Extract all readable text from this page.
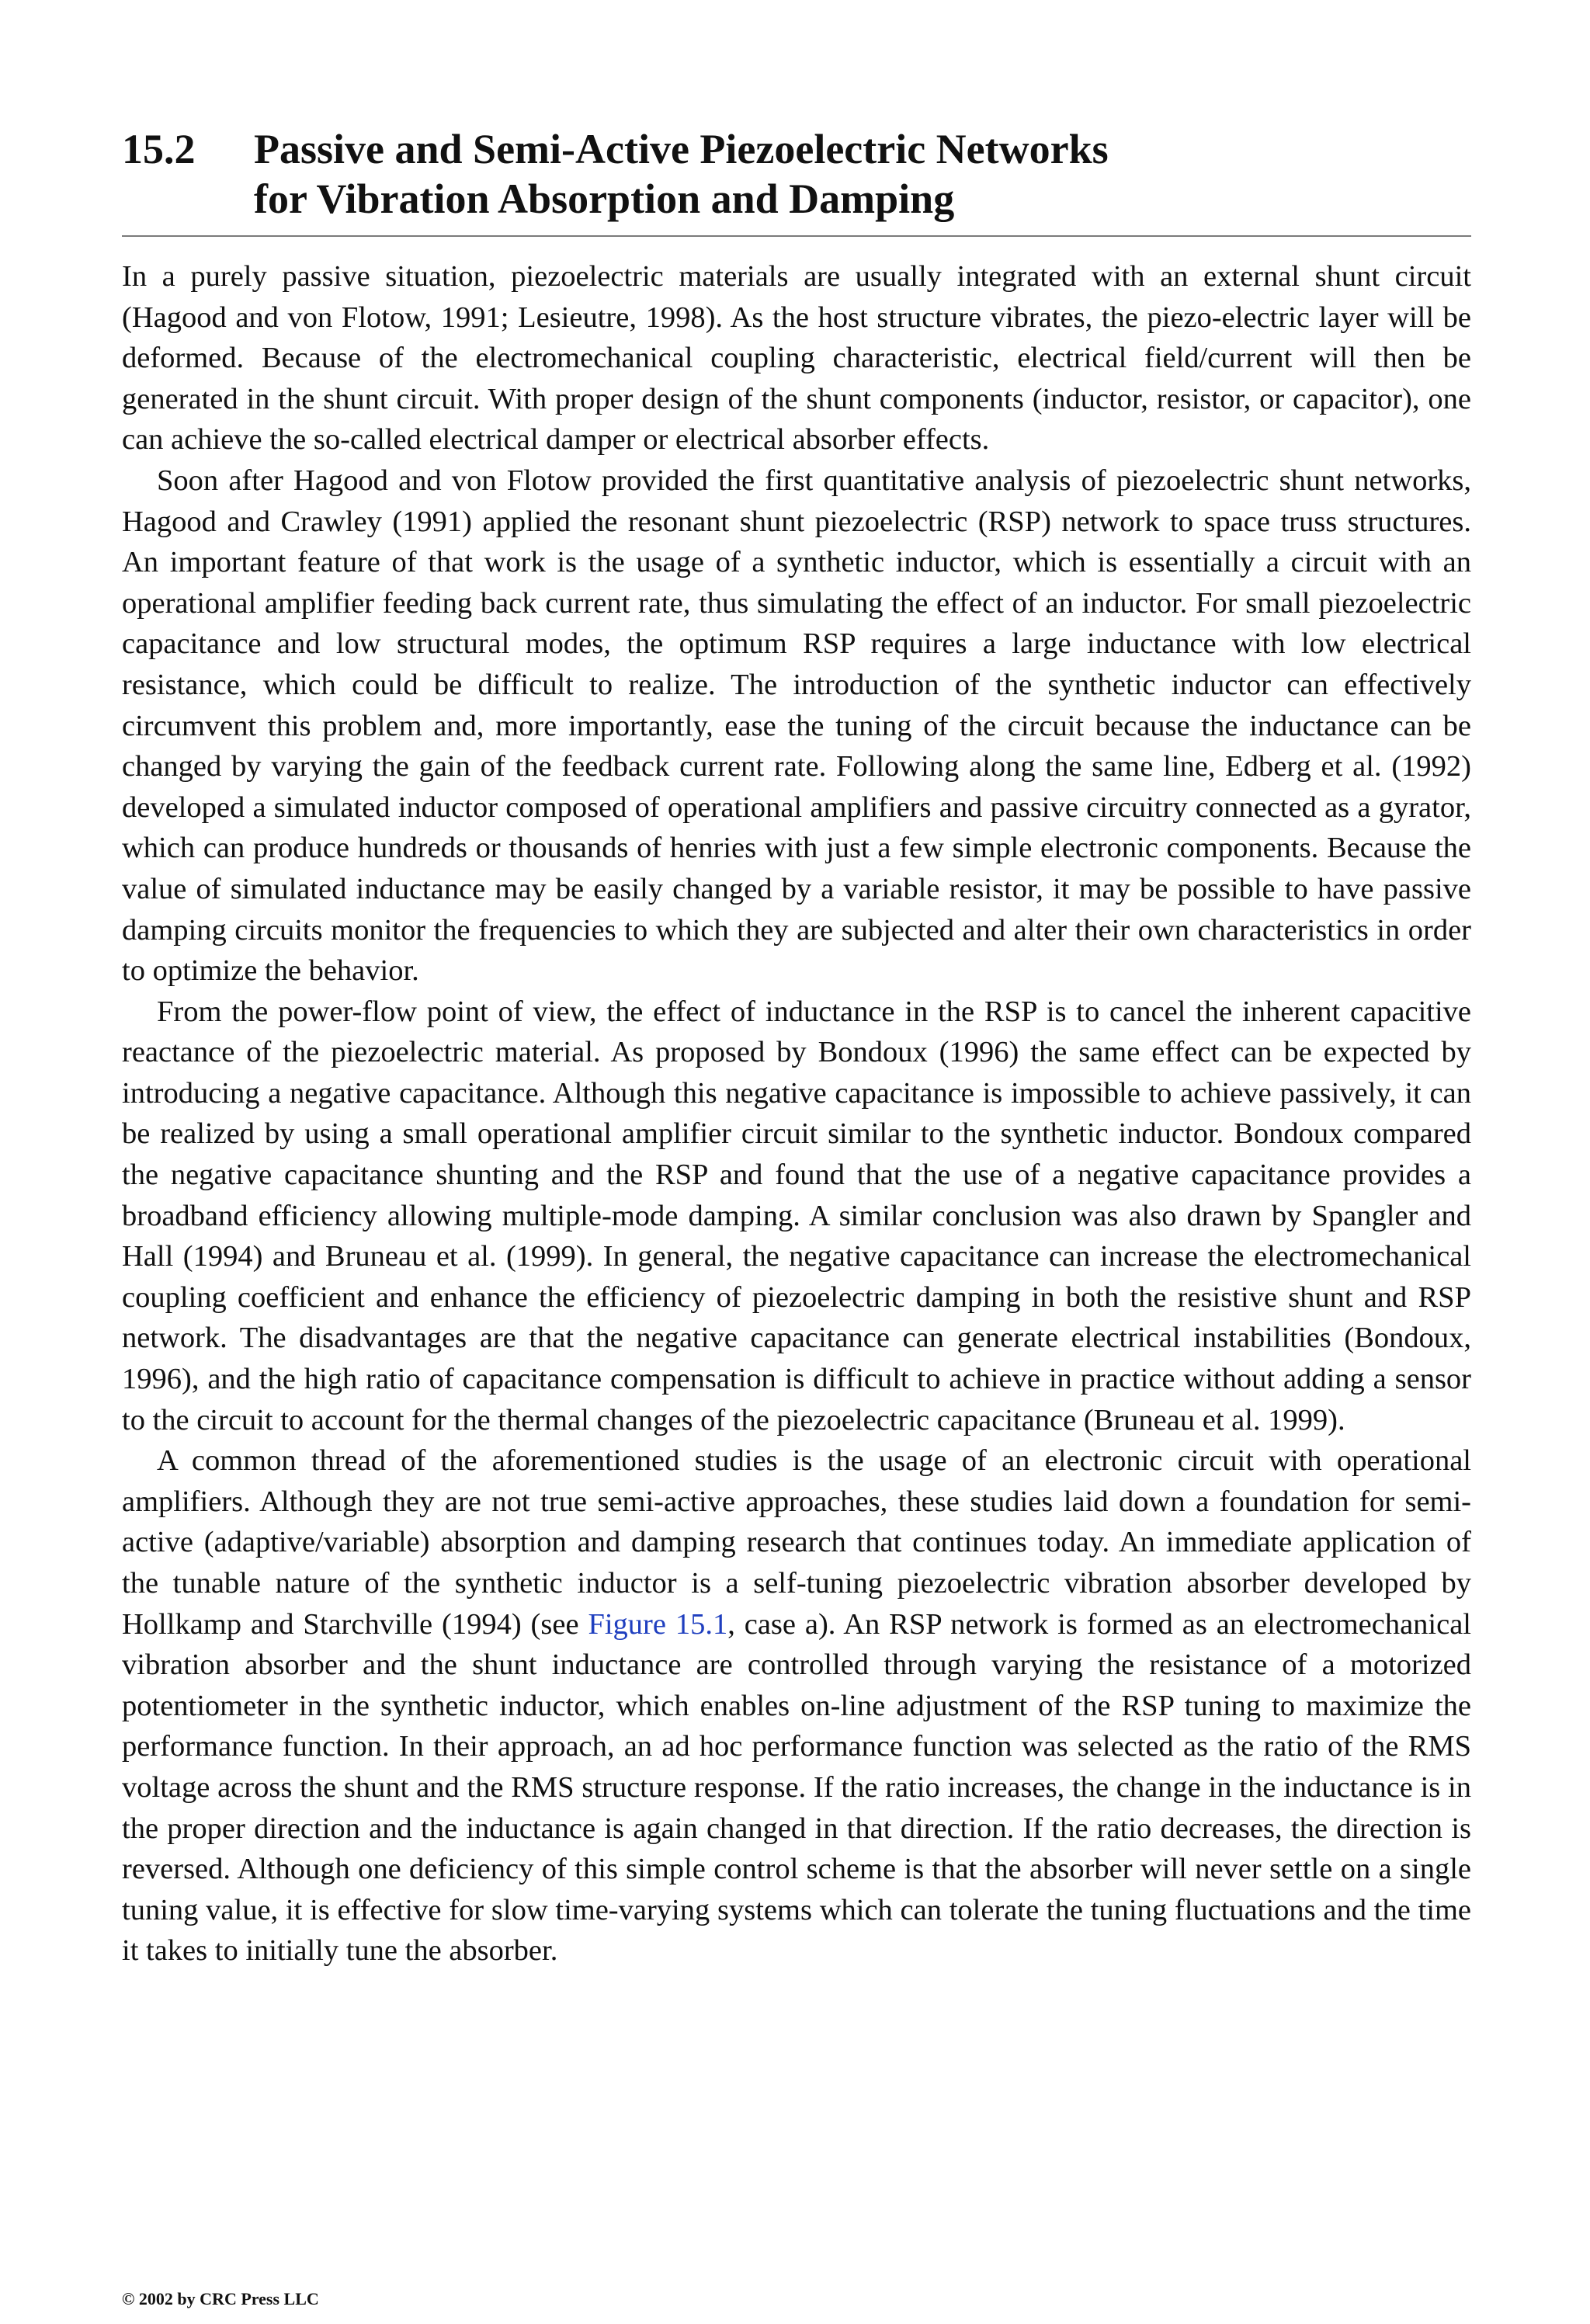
15.2	Passive and Semi-Active Piezoelectric Networks
for Vibration Absorption and Damping

In a purely passive situation, piezoelectric materials are usually integrated with an external shunt circuit (Hagood and von Flotow, 1991; Lesieutre, 1998). As the host structure vibrates, the piezo-electric layer will be deformed. Because of the electromechanical coupling characteristic, electrical field/current will then be generated in the shunt circuit. With proper design of the shunt components (inductor, resistor, or capacitor), one can achieve the so-called electrical damper or electrical absorber effects.

Soon after Hagood and von Flotow provided the first quantitative analysis of piezoelectric shunt networks, Hagood and Crawley (1991) applied the resonant shunt piezoelectric (RSP) network to space truss structures. An important feature of that work is the usage of a synthetic inductor, which is essentially a circuit with an operational amplifier feeding back current rate, thus simulating the effect of an inductor. For small piezoelectric capacitance and low structural modes, the optimum RSP requires a large inductance with low electrical resistance, which could be difficult to realize. The introduction of the synthetic inductor can effectively circumvent this problem and, more importantly, ease the tuning of the circuit because the inductance can be changed by varying the gain of the feedback current rate. Following along the same line, Edberg et al. (1992) developed a simulated inductor composed of operational amplifiers and passive circuitry connected as a gyrator, which can produce hundreds or thousands of henries with just a few simple electronic components. Because the value of simulated inductance may be easily changed by a variable resistor, it may be possible to have passive damping circuits monitor the frequencies to which they are subjected and alter their own characteristics in order to optimize the behavior.

From the power-flow point of view, the effect of inductance in the RSP is to cancel the inherent capacitive reactance of the piezoelectric material. As proposed by Bondoux (1996) the same effect can be expected by introducing a negative capacitance. Although this negative capacitance is impossible to achieve passively, it can be realized by using a small operational amplifier circuit similar to the synthetic inductor. Bondoux compared the negative capacitance shunting and the RSP and found that the use of a negative capacitance provides a broadband efficiency allowing multiple-mode damping. A similar conclusion was also drawn by Spangler and Hall (1994) and Bruneau et al. (1999). In general, the negative capacitance can increase the electromechanical coupling coefficient and enhance the efficiency of piezoelectric damping in both the resistive shunt and RSP network. The disadvantages are that the negative capacitance can generate electrical instabilities (Bondoux, 1996), and the high ratio of capacitance compensation is difficult to achieve in practice without adding a sensor to the circuit to account for the thermal changes of the piezoelectric capacitance (Bruneau et al. 1999).

A common thread of the aforementioned studies is the usage of an electronic circuit with operational amplifiers. Although they are not true semi-active approaches, these studies laid down a foundation for semi-active (adaptive/variable) absorption and damping research that continues today. An immediate application of the tunable nature of the synthetic inductor is a self-tuning piezoelectric vibration absorber developed by Hollkamp and Starchville (1994) (see Figure 15.1, case a). An RSP network is formed as an electromechanical vibration absorber and the shunt inductance are controlled through varying the resistance of a motorized potentiometer in the synthetic inductor, which enables on-line adjustment of the RSP tuning to maximize the performance function. In their approach, an ad hoc performance function was selected as the ratio of the RMS voltage across the shunt and the RMS structure response. If the ratio increases, the change in the inductance is in the proper direction and the inductance is again changed in that direction. If the ratio decreases, the direction is reversed. Although one deficiency of this simple control scheme is that the absorber will never settle on a single tuning value, it is effective for slow time-varying systems which can tolerate the tuning fluctuations and the time it takes to initially tune the absorber.

© 2002 by CRC Press LLC
